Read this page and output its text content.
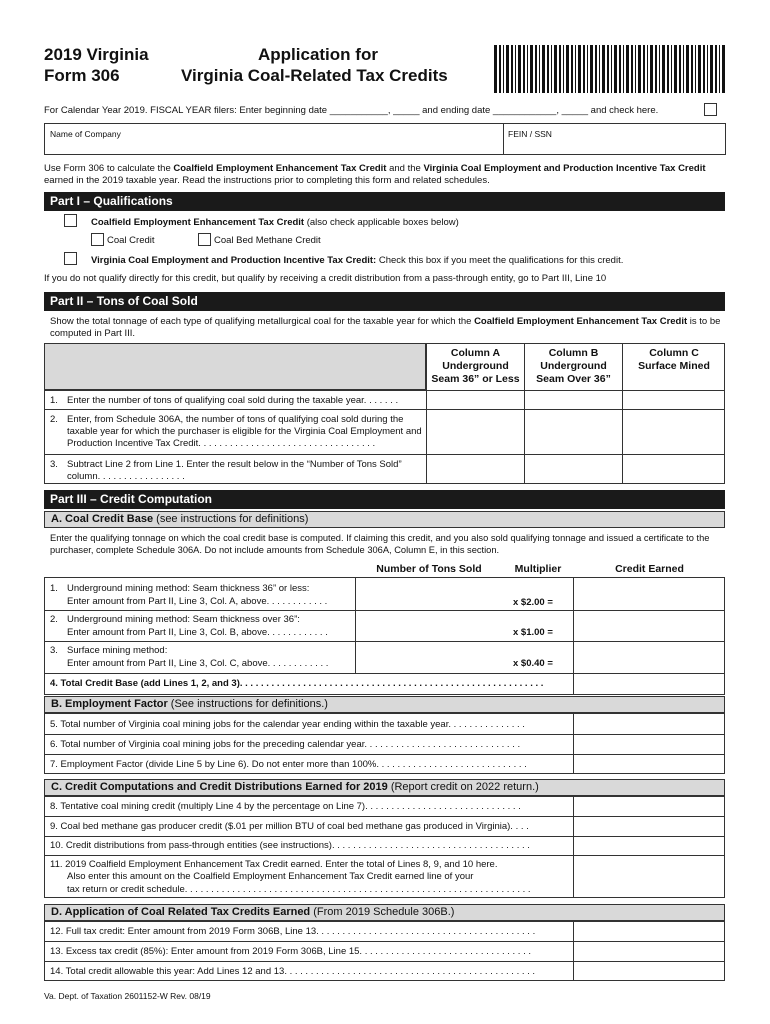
2019 Virginia
Form 306
Application for
Virginia Coal-Related Tax Credits
For Calendar Year 2019. FISCAL YEAR filers: Enter beginning date ___________, _____ and ending date ____________, _____ and check here.
Name of Company	FEIN / SSN
Use Form 306 to calculate the Coalfield Employment Enhancement Tax Credit and the Virginia Coal Employment and Production Incentive Tax Credit earned in the 2019 taxable year. Read the instructions prior to completing this form and related schedules.
Part I – Qualifications
Coalfield Employment Enhancement Tax Credit (also check applicable boxes below)
Coal Credit	Coal Bed Methane Credit
Virginia Coal Employment and Production Incentive Tax Credit: Check this box if you meet the qualifications for this credit.
If you do not qualify directly for this credit, but qualify by receiving a credit distribution from a pass-through entity, go to Part III, Line 10
Part II – Tons of Coal Sold
Show the total tonnage of each type of qualifying metallurgical coal for the taxable year for which the Coalfield Employment Enhancement Tax Credit is to be computed in Part III.
Column A
Underground
Seam 36” or Less
Column B
Underground
Seam Over 36”
Column C
Surface Mined
1. Enter the number of tons of qualifying coal sold during the taxable year. . . . . . .
2. Enter, from Schedule 306A, the number of tons of qualifying coal sold during the taxable year for which the purchaser is eligible for the Virginia Coal Employment and Production Incentive Tax Credit. . . . . . . . . . . . . . . . . . . . . . . . . . . . . . . . . .
3. Subtract Line 2 from Line 1. Enter the result below in the “Number of Tons Sold” column. . . . . . . . . . . . . . . . .
Part III – Credit Computation
A. Coal Credit Base (see instructions for definitions)
Enter the qualifying tonnage on which the coal credit base is computed. If claiming this credit, and you also sold qualifying tonnage and issued a certificate to the purchaser, complete Schedule 306A. Do not include amounts from Schedule 306A, Column E, in this section.
Number of Tons Sold	Multiplier	Credit Earned
1. Underground mining method: Seam thickness 36” or less:
Enter amount from Part II, Line 3, Col. A, above. . . . . . . . . . . .	x $2.00 =
2. Underground mining method: Seam thickness over 36”:
Enter amount from Part II, Line 3, Col. B, above. . . . . . . . . . . .	x $1.00 =
3. Surface mining method:
Enter amount from Part II, Line 3, Col. C, above. . . . . . . . . . . .	x $0.40 =
4. Total Credit Base (add Lines 1, 2, and 3). . . . . . . . . . . . . . . . . . . . . . . . . . . . . . . . . . . . . . . . . . . . . . . . . . . . . . . . . .
B. Employment Factor (See instructions for definitions.)
5. Total number of Virginia coal mining jobs for the calendar year ending within the taxable year. . . . . . . . . . . . . . .
6. Total number of Virginia coal mining jobs for the preceding calendar year. . . . . . . . . . . . . . . . . . . . . . . . . . . . . .
7. Employment Factor (divide Line 5 by Line 6). Do not enter more than 100%. . . . . . . . . . . . . . . . . . . . . . . . . . . . .
C. Credit Computations and Credit Distributions Earned for 2019 (Report credit on 2022 return.)
8. Tentative coal mining credit (multiply Line 4 by the percentage on Line 7). . . . . . . . . . . . . . . . . . . . . . . . . . . . . .
9. Coal bed methane gas producer credit ($.01 per million BTU of coal bed methane gas produced in Virginia). . . .
10. Credit distributions from pass-through entities (see instructions). . . . . . . . . . . . . . . . . . . . . . . . . . . . . . . . . . . . . .
11. 2019 Coalfield Employment Enhancement Tax Credit earned. Enter the total of Lines 8, 9, and 10 here.
Also enter this amount on the Coalfield Employment Enhancement Tax Credit earned line of your
tax return or credit schedule. . . . . . . . . . . . . . . . . . . . . . . . . . . . . . . . . . . . . . . . . . . . . . . . . . . . . . . . . . . . . . . . . .
D. Application of Coal Related Tax Credits Earned (From 2019 Schedule 306B.)
12. Full tax credit: Enter amount from 2019 Form 306B, Line 13. . . . . . . . . . . . . . . . . . . . . . . . . . . . . . . . . . . . . . . . . .
13. Excess tax credit (85%): Enter amount from 2019 Form 306B, Line 15. . . . . . . . . . . . . . . . . . . . . . . . . . . . . . . . .
14. Total credit allowable this year: Add Lines 12 and 13. . . . . . . . . . . . . . . . . . . . . . . . . . . . . . . . . . . . . . . . . . . . . . . .
Va. Dept. of Taxation 2601152-W Rev. 08/19
